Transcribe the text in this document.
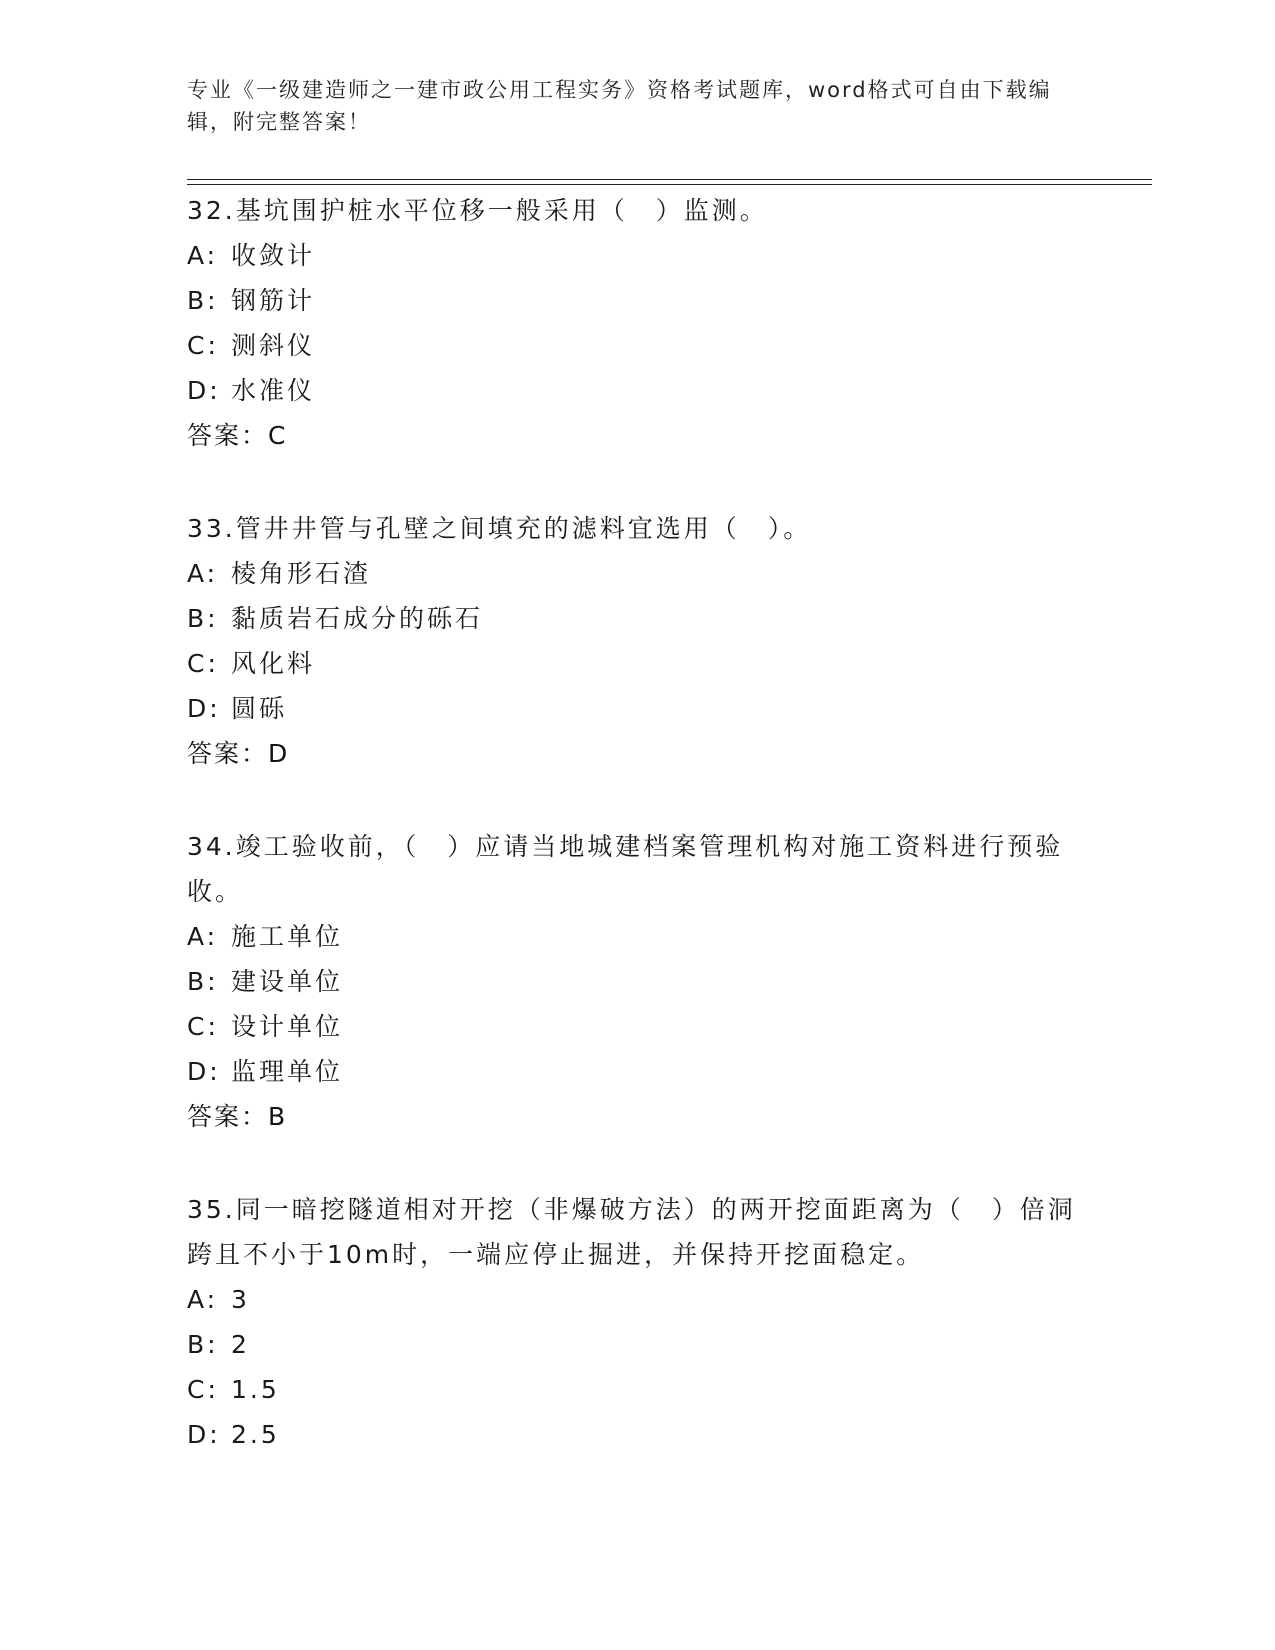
专业《一级建造师之一建市政公用工程实务》资格考试题库，word格式可自由下载编辑，附完整答案！
32.基坑围护桩水平位移一般采用（　）监测。
A: 收敛计
B: 钢筋计
C: 测斜仪
D: 水准仪
答案：C
33.管井井管与孔壁之间填充的滤料宜选用（　）。
A: 棱角形石渣
B: 黏质岩石成分的砾石
C: 风化料
D: 圆砾
答案：D
34.竣工验收前，（　）应请当地城建档案管理机构对施工资料进行预验收。
A: 施工单位
B: 建设单位
C: 设计单位
D: 监理单位
答案：B
35.同一暗挖隧道相对开挖（非爆破方法）的两开挖面距离为（　）倍洞跨且不小于10m时，一端应停止掘进，并保持开挖面稳定。
A: 3
B: 2
C: 1.5
D: 2.5
